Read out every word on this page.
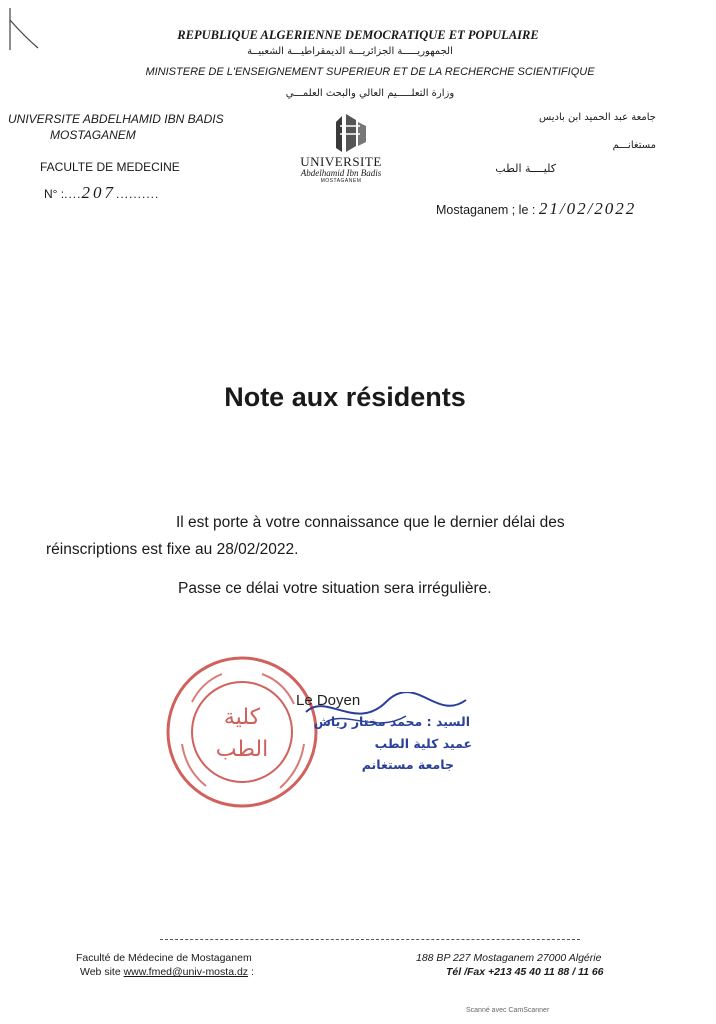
REPUBLIQUE ALGERIENNE DEMOCRATIQUE ET POPULAIRE
الجمهوريـــــة الجزائريـــة الديمقراطيـــة الشعبيــة
MINISTERE DE L'ENSEIGNEMENT SUPERIEUR ET DE LA RECHERCHE SCIENTIFIQUE
وزارة التعلـــــيم العالي والبحث العلمـــي
UNIVERSITE ABDELHAMID IBN BADIS
MOSTAGANEM
FACULTE DE MEDECINE
N° :....207..........
جامعة عبد الحميد ابن باديس
مستغانـــم
كليــــة الطب
UNIVERSITE
Abdelhamid Ibn Badis
MOSTAGANEM
Mostaganem ; le : 21/02/2022
Note aux résidents
Il est porte à votre connaissance que le dernier délai des
réinscriptions est fixe au 28/02/2022.
Passe ce délai votre situation sera irrégulière.
كلية
الطب
Le Doyen
السيد : محمد مختار رياش
عميد كلية الطب
جامعة مستغانم
Faculté de Médecine de Mostaganem
Web site www.fmed@univ-mosta.dz :
188 BP 227 Mostaganem 27000 Algérie
Tél /Fax +213 45 40 11 88 / 11 66
Scanné avec CamScanner
